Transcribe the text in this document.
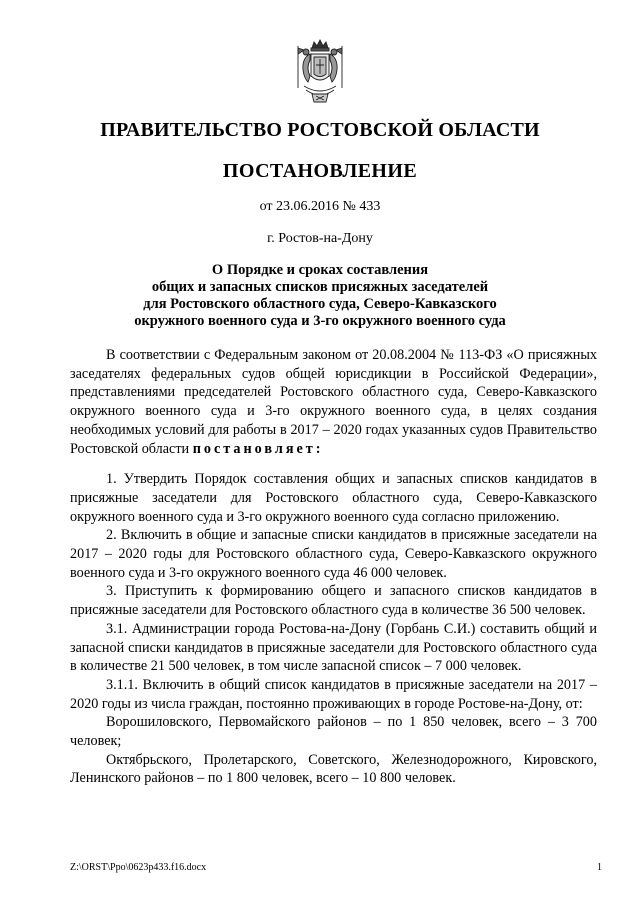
ПРАВИТЕЛЬСТВО РОСТОВСКОЙ ОБЛАСТИ
ПОСТАНОВЛЕНИЕ
от 23.06.2016 № 433
г. Ростов-на-Дону
О Порядке и сроках составления
общих и запасных списков присяжных заседателей
для Ростовского областного суда, Северо-Кавказского
окружного военного суда и 3-го окружного военного суда

В соответствии с Федеральным законом от 20.08.2004 № 113-ФЗ «О присяжных заседателях федеральных судов общей юрисдикции в Российской Федерации», представлениями председателей Ростовского областного суда, Северо-Кавказского окружного военного суда и 3-го окружного военного суда, в целях создания необходимых условий для работы в 2017 – 2020 годах указанных судов Правительство Ростовской области постановляет:

1. Утвердить Порядок составления общих и запасных списков кандидатов в присяжные заседатели для Ростовского областного суда, Северо-Кавказского окружного военного суда и 3-го окружного военного суда согласно приложению.

2. Включить в общие и запасные списки кандидатов в присяжные заседатели на 2017 – 2020 годы для Ростовского областного суда, Северо-Кавказского окружного военного суда и 3-го окружного военного суда 46 000 человек.

3. Приступить к формированию общего и запасного списков кандидатов в присяжные заседатели для Ростовского областного суда в количестве 36 500 человек.

3.1. Администрации города Ростова-на-Дону (Горбань С.И.) составить общий и запасной списки кандидатов в присяжные заседатели для Ростовского областного суда в количестве 21 500 человек, в том числе запасной список – 7 000 человек.

3.1.1. Включить в общий список кандидатов в присяжные заседатели на 2017 – 2020 годы из числа граждан, постоянно проживающих в городе Ростове-на-Дону, от:

Ворошиловского, Первомайского районов – по 1 850 человек, всего – 3 700 человек;

Октябрьского, Пролетарского, Советского, Железнодорожного, Кировского, Ленинского районов – по 1 800 человек, всего – 10 800 человек.

Z:\ORST\Ppo\0623p433.f16.docx	1
